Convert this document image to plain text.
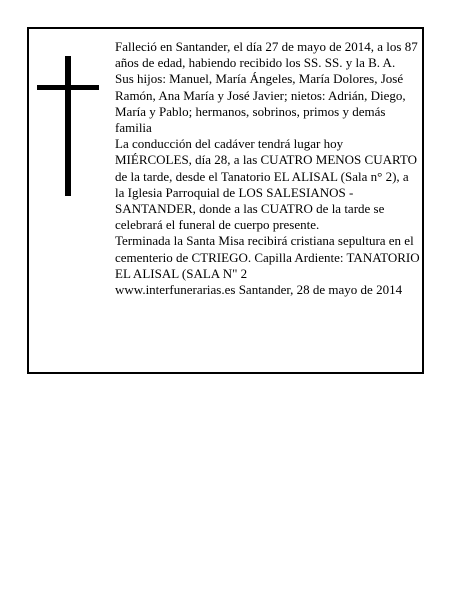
Falleció en Santander, el día 27 de mayo de 2014, a los 87 años de edad, habiendo recibido los SS. SS. y la B. A.

Sus hijos: Manuel, María Ángeles, María Dolores, José Ramón, Ana María y José Javier; nietos: Adrián, Diego, María y Pablo; hermanos, sobrinos, primos y demás familia

La conducción del cadáver tendrá lugar hoy MIÉRCOLES, día 28, a las CUATRO MENOS CUARTO de la tarde, desde el Tanatorio EL ALISAL (Sala n° 2), a la Iglesia Parroquial de LOS SALESIANOS - SANTANDER, donde a las CUATRO de la tarde se celebrará el funeral de cuerpo presente.

Terminada la Santa Misa recibirá cristiana sepultura en el cementerio de CTRIEGO. Capilla Ardiente: TANATORIO EL ALISAL (SALA N" 2

www.interfunerarias.es Santander, 28 de mayo de 2014
